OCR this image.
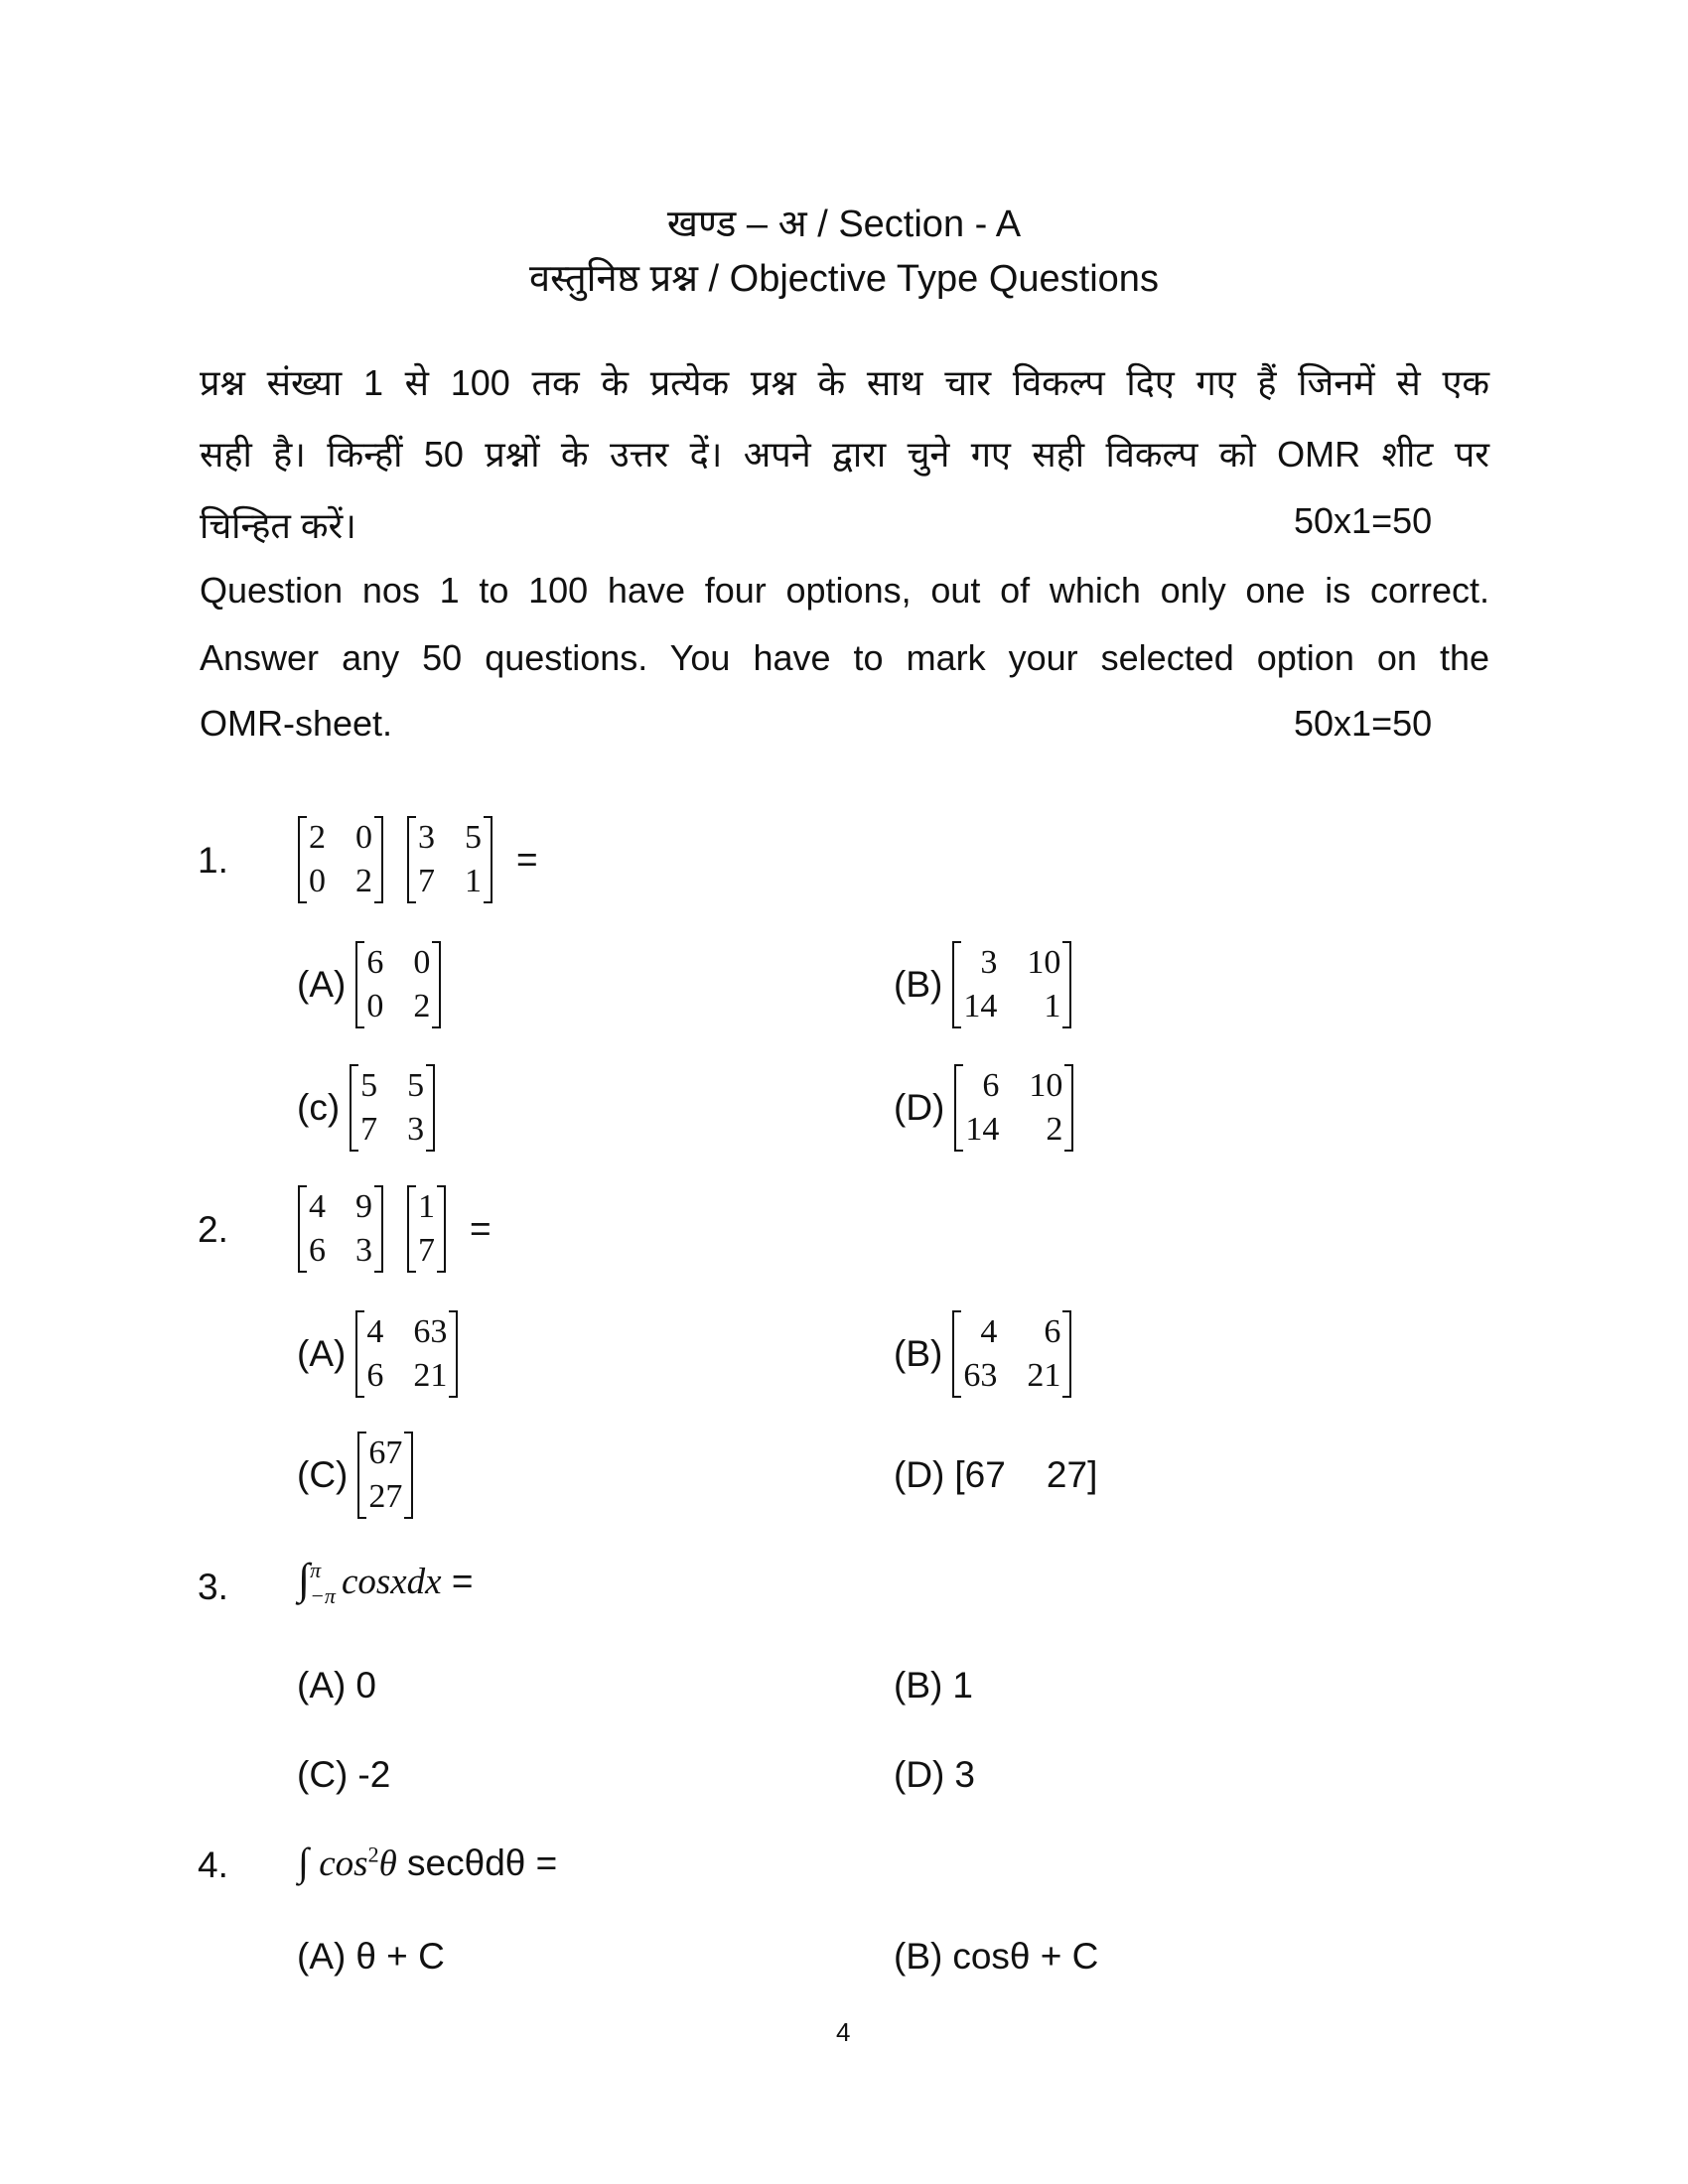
खण्ड – अ / Section - A
वस्तुनिष्ठ प्रश्न / Objective Type Questions
प्रश्न संख्या 1 से 100 तक के प्रत्येक प्रश्न के साथ चार विकल्प दिए गए हैं जिनमें से एक
सही है। किन्हीं 50 प्रश्नों के उत्तर दें। अपने द्वारा चुने गए सही विकल्प को OMR शीट पर
चिन्हित करें।	50x1=50
Question nos 1 to 100 have four options, out of which only one is correct.
Answer any 50 questions. You have to mark your selected option on the
OMR-sheet.	50x1=50
1.
2 0
0 2
3 5
7 1
=
(A)
6 0
0 2
(B)
3 10
14	1
(c)
5 5
7 3
(D)
6 10
14	2
2.
4 9
6 3
1
7
=
(A)
4 63
6 21
(B)
4	6
63 21
(C)
67
27
(D) [67    27]
3. ∫ π
−π cosxdx =
(A) 0	(B) 1
(C) -2	(D) 3
4. ∫ $\cos^2\theta$ secθdθ =
(A) θ + C	(B) cosθ + C
4
